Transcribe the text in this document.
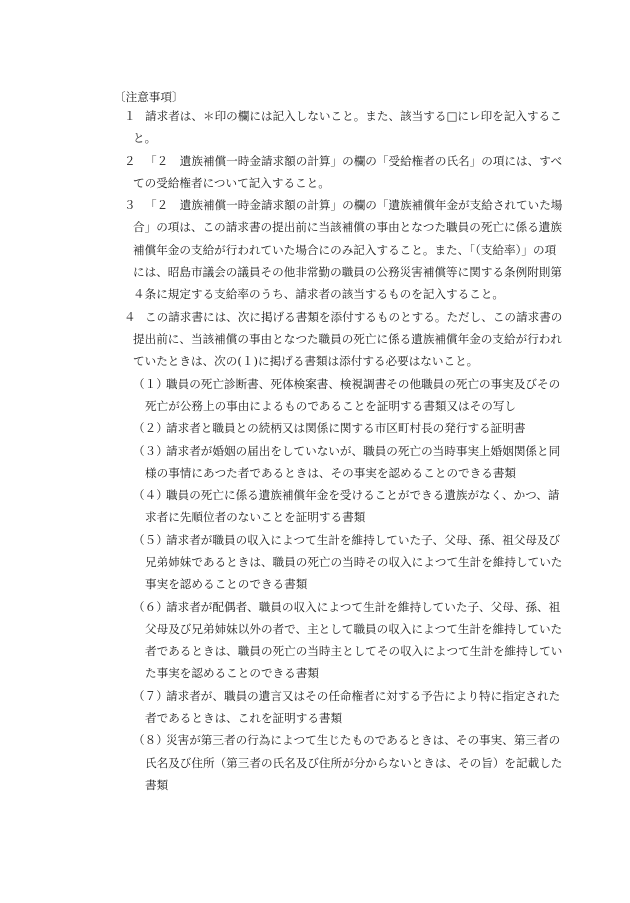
〔注意事項〕
１ 請求者は、＊印の欄には記入しないこと。また、該当する□にレ印を記入するこ
と。
２ 「２　遺族補償一時金請求額の計算」の欄の「受給権者の氏名」の項には、すべ
ての受給権者について記入すること。
３ 「２　遺族補償一時金請求額の計算」の欄の「遺族補償年金が支給されていた場
合」の項は、この請求書の提出前に当該補償の事由となつた職員の死亡に係る遺族
補償年金の支給が行われていた場合にのみ記入すること。また、「（支給率）」の項
には、昭島市議会の議員その他非常勤の職員の公務災害補償等に関する条例附則第
４条に規定する支給率のうち、請求者の該当するものを記入すること。
４ この請求書には、次に掲げる書類を添付するものとする。ただし、この請求書の
提出前に、当該補償の事由となつた職員の死亡に係る遺族補償年金の支給が行われ
ていたときは、次の(１)に掲げる書類は添付する必要はないこと。
（１）
職員の死亡診断書、死体検案書、検視調書その他職員の死亡の事実及びその
死亡が公務上の事由によるものであることを証明する書類又はその写し
（２）
請求者と職員との続柄又は関係に関する市区町村長の発行する証明書
（３）
請求者が婚姻の届出をしていないが、職員の死亡の当時事実上婚姻関係と同
様の事情にあつた者であるときは、その事実を認めることのできる書類
（４）
職員の死亡に係る遺族補償年金を受けることができる遺族がなく、かつ、請
求者に先順位者のないことを証明する書類
（５）
請求者が職員の収入によつて生計を維持していた子、父母、孫、祖父母及び
兄弟姉妹であるときは、職員の死亡の当時その収入によつて生計を維持していた
事実を認めることのできる書類
（６）
請求者が配偶者、職員の収入によつて生計を維持していた子、父母、孫、祖
父母及び兄弟姉妹以外の者で、主として職員の収入によつて生計を維持していた
者であるときは、職員の死亡の当時主としてその収入によつて生計を維持してい
た事実を認めることのできる書類
（７）
請求者が、職員の遺言又はその任命権者に対する予告により特に指定された
者であるときは、これを証明する書類
（８）
災害が第三者の行為によつて生じたものであるときは、その事実、第三者の
氏名及び住所（第三者の氏名及び住所が分からないときは、その旨）を記載した
書類
